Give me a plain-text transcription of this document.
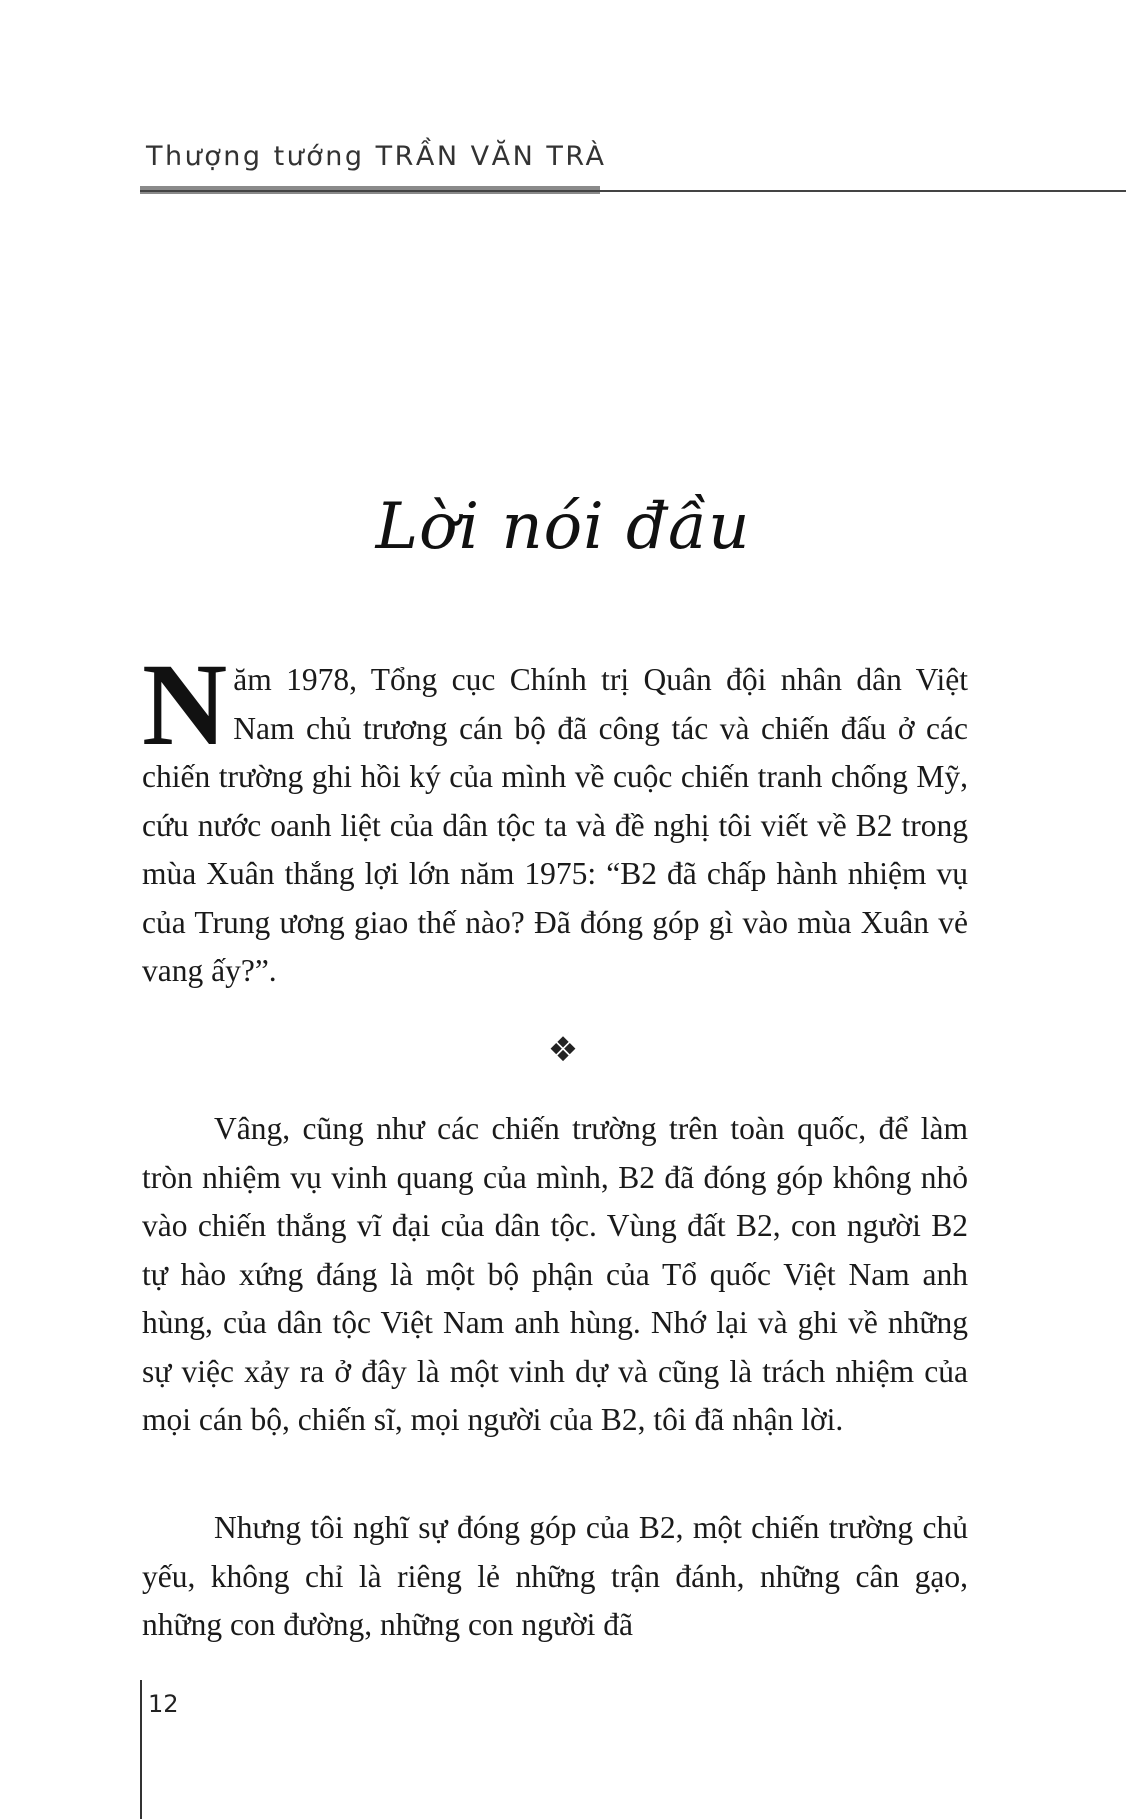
Thượng tướng TRẦN VĂN TRÀ
Lời nói đầu
N ăm 1978, Tổng cục Chính trị Quân đội nhân dân Việt Nam chủ trương cán bộ đã công tác và chiến đấu ở các chiến trường ghi hồi ký của mình về cuộc chiến tranh chống Mỹ, cứu nước oanh liệt của dân tộc ta và đề nghị tôi viết về B2 trong mùa Xuân thắng lợi lớn năm 1975: “B2 đã chấp hành nhiệm vụ của Trung ương giao thế nào? Đã đóng góp gì vào mùa Xuân vẻ vang ấy?”.
❖
Vâng, cũng như các chiến trường trên toàn quốc, để làm tròn nhiệm vụ vinh quang của mình, B2 đã đóng góp không nhỏ vào chiến thắng vĩ đại của dân tộc. Vùng đất B2, con người B2 tự hào xứng đáng là một bộ phận của Tổ quốc Việt Nam anh hùng, của dân tộc Việt Nam anh hùng. Nhớ lại và ghi về những sự việc xảy ra ở đây là một vinh dự và cũng là trách nhiệm của mọi cán bộ, chiến sĩ, mọi người của B2, tôi đã nhận lời.
Nhưng tôi nghĩ sự đóng góp của B2, một chiến trường chủ yếu, không chỉ là riêng lẻ những trận đánh, những cân gạo, những con đường, những con người đã
12
